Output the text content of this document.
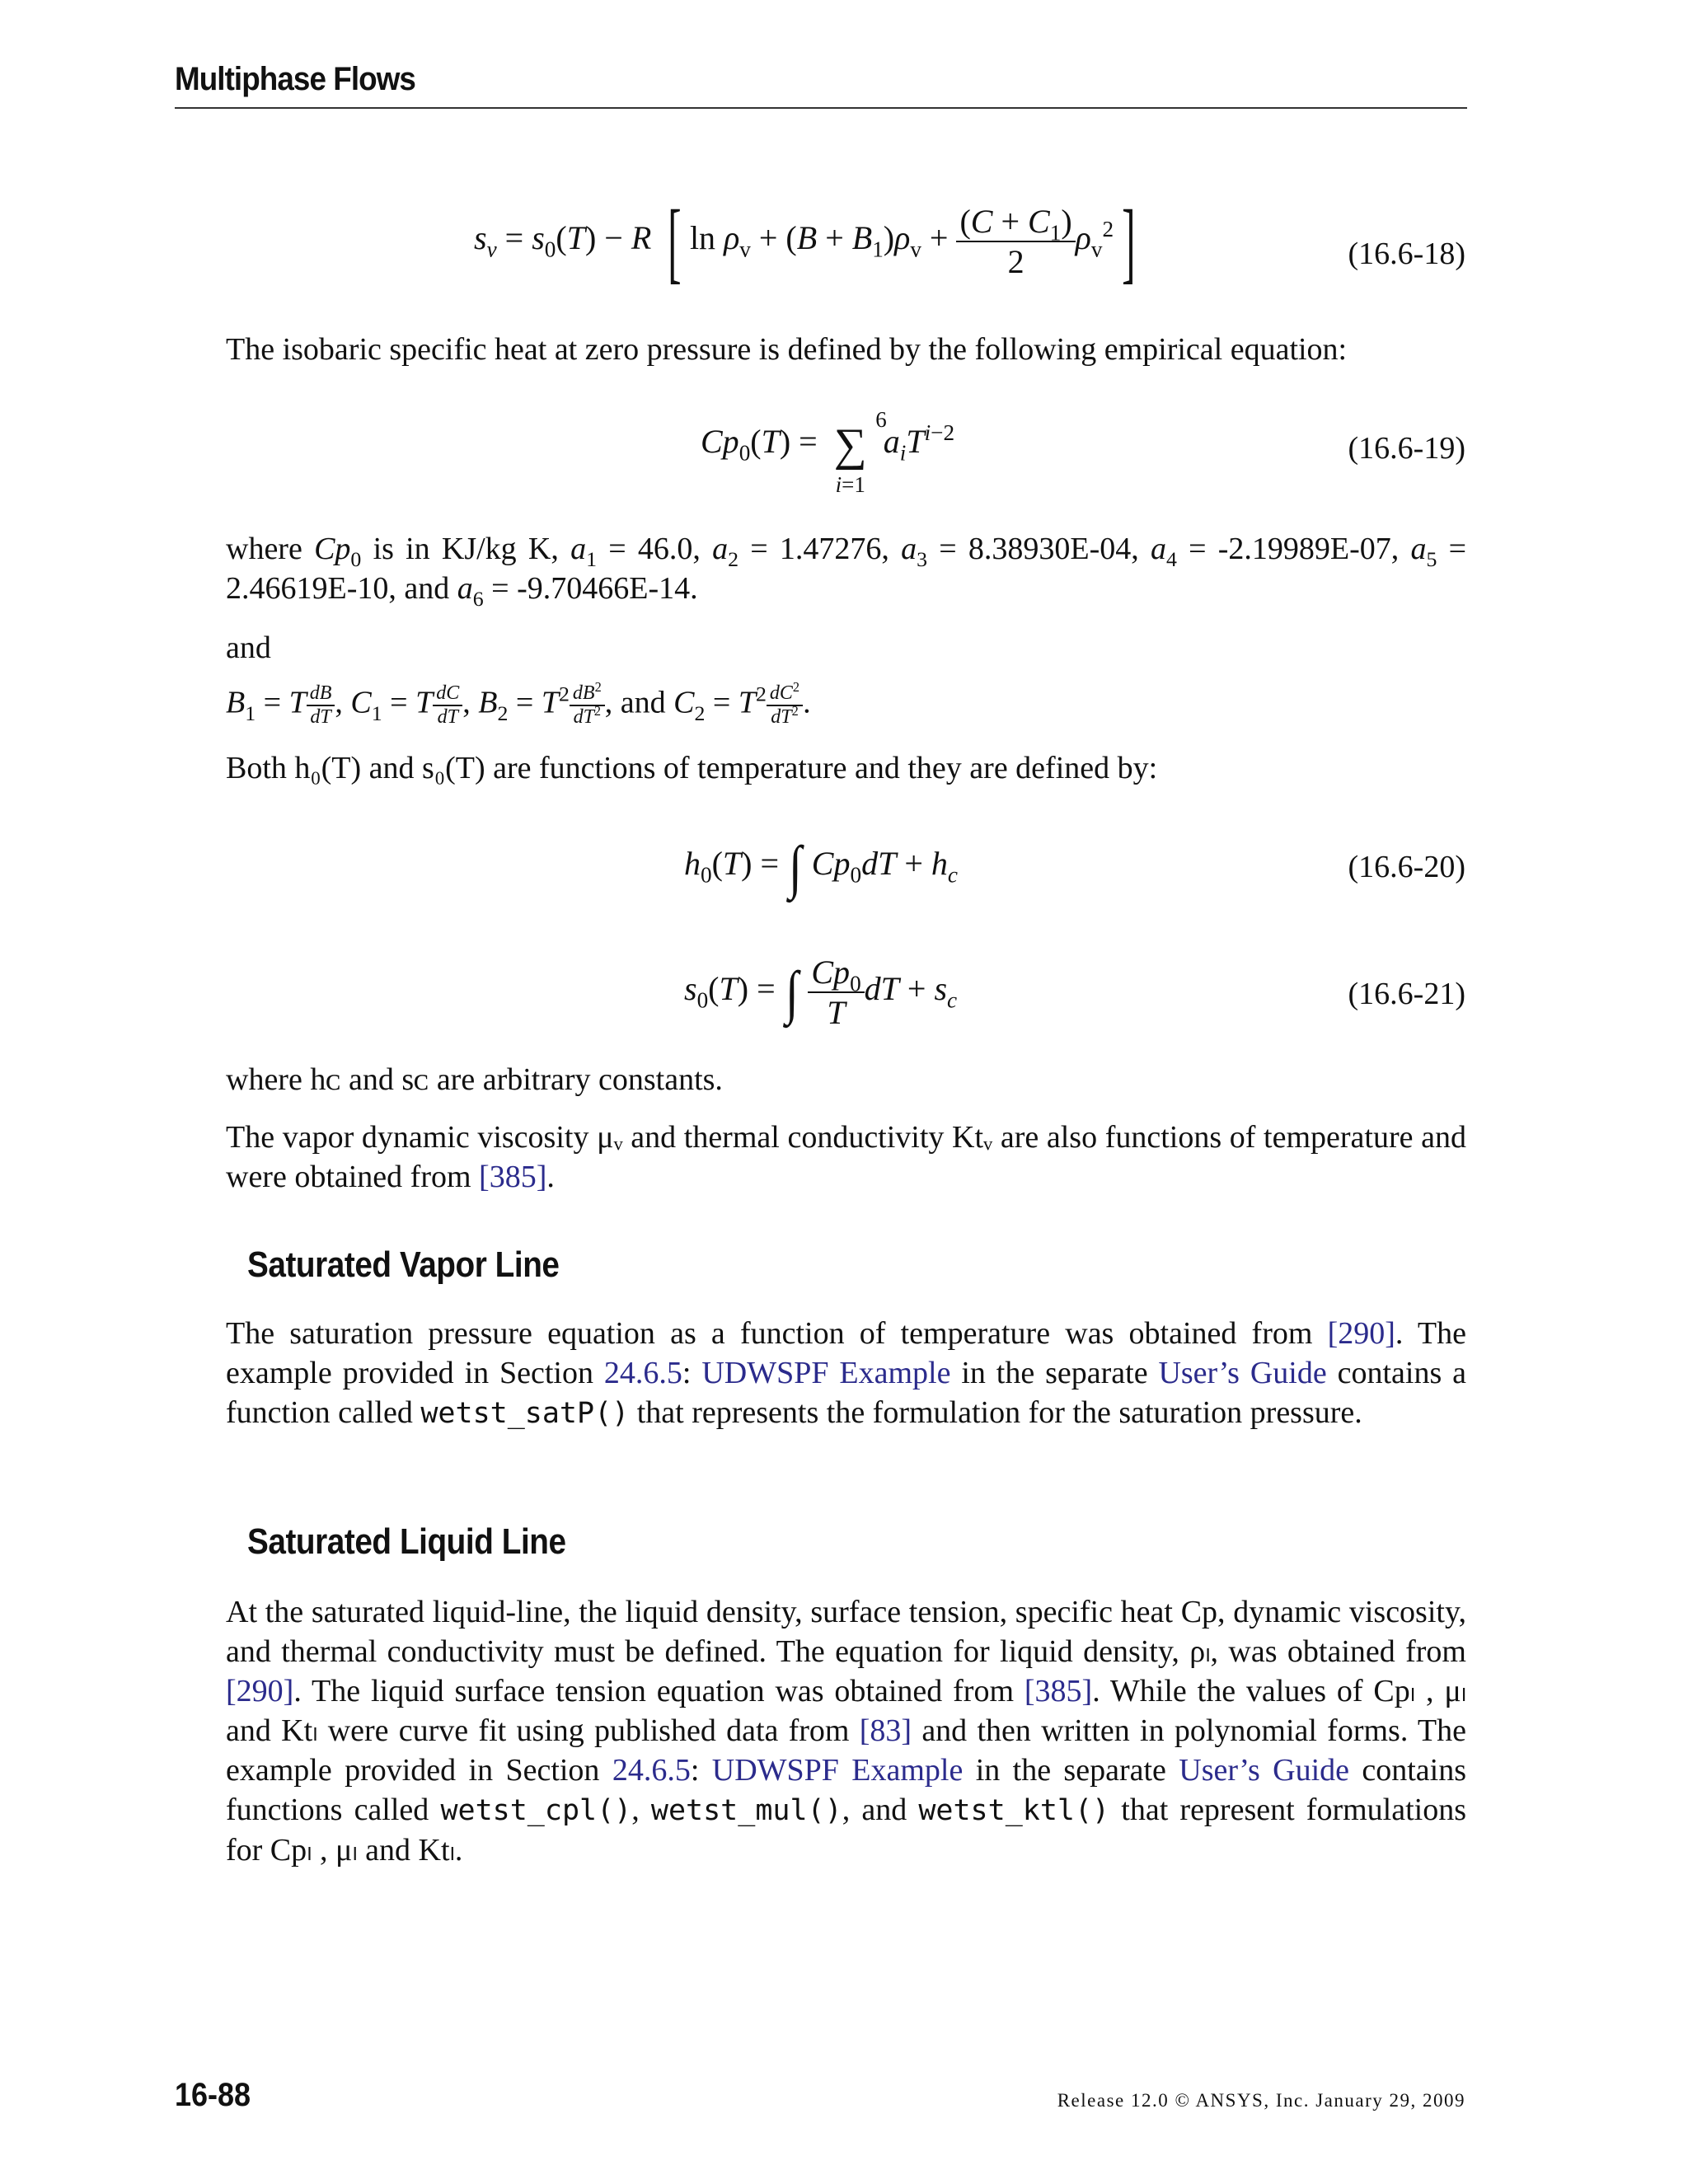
Multiphase Flows
$s_v = s_0(T) - R$ [ $\ln \rho_v + (B + B_1)\rho_v + \frac{(C + C_1)}{2} \rho_v^2$]	(16.6-18)
The isobaric specific heat at zero pressure is defined by the following empirical equation:
$Cp_0(T)$ = ∑ 6
i=1
$a_iT^{i-2}$	(16.6-19)
where $Cp_0$ is in KJ/kg K, $a_1 = 46.0$, $a_2 = 1.47276$, $a_3 = 8.38930E-04$, $a_4 = -2.19989E-07$, $a_5 = 2.46619E-10$, and $a_6 = -9.70466E-14$.
and
$B_1 = T \frac{dB}{dT}$ , $C_1 = T \frac{dC}{dT}$ , $B_2 = T^2 \frac{dB^2}{dT^2}$ , and $C_2 = T^2 \frac{dC^2}{dT^2}$ .
Both h₀(T) and s₀(T) are functions of temperature and they are defined by:
$h_0(T)$ = ∫ $Cp_0dT + h_c$	(16.6-20)
$s_0(T)$ = ∫ $\frac{Cp_0}{T}$ dT + $s_c$	(16.6-21)
where hᴄ and sᴄ are arbitrary constants.
The vapor dynamic viscosity μᵥ and thermal conductivity Ktᵥ are also functions of temperature and were obtained from [385].
Saturated Vapor Line
The saturation pressure equation as a function of temperature was obtained from [290]. The example provided in Section 24.6.5: UDWSPF Example in the separate User’s Guide contains a function called wetst_satP() that represents the formulation for the saturation pressure.
Saturated Liquid Line
At the saturated liquid-line, the liquid density, surface tension, specific heat Cp, dynamic viscosity, and thermal conductivity must be defined. The equation for liquid density, ρₗ, was obtained from [290]. The liquid surface tension equation was obtained from [385]. While the values of Cpₗ , μₗ and Ktₗ were curve fit using published data from [83] and then written in polynomial forms. The example provided in Section 24.6.5: UDWSPF Example in the separate User’s Guide contains functions called wetst_cpl(), wetst_mul(), and wetst_ktl() that represent formulations for Cpₗ , μₗ and Ktₗ.
16-88	Release 12.0 © ANSYS, Inc. January 29, 2009
